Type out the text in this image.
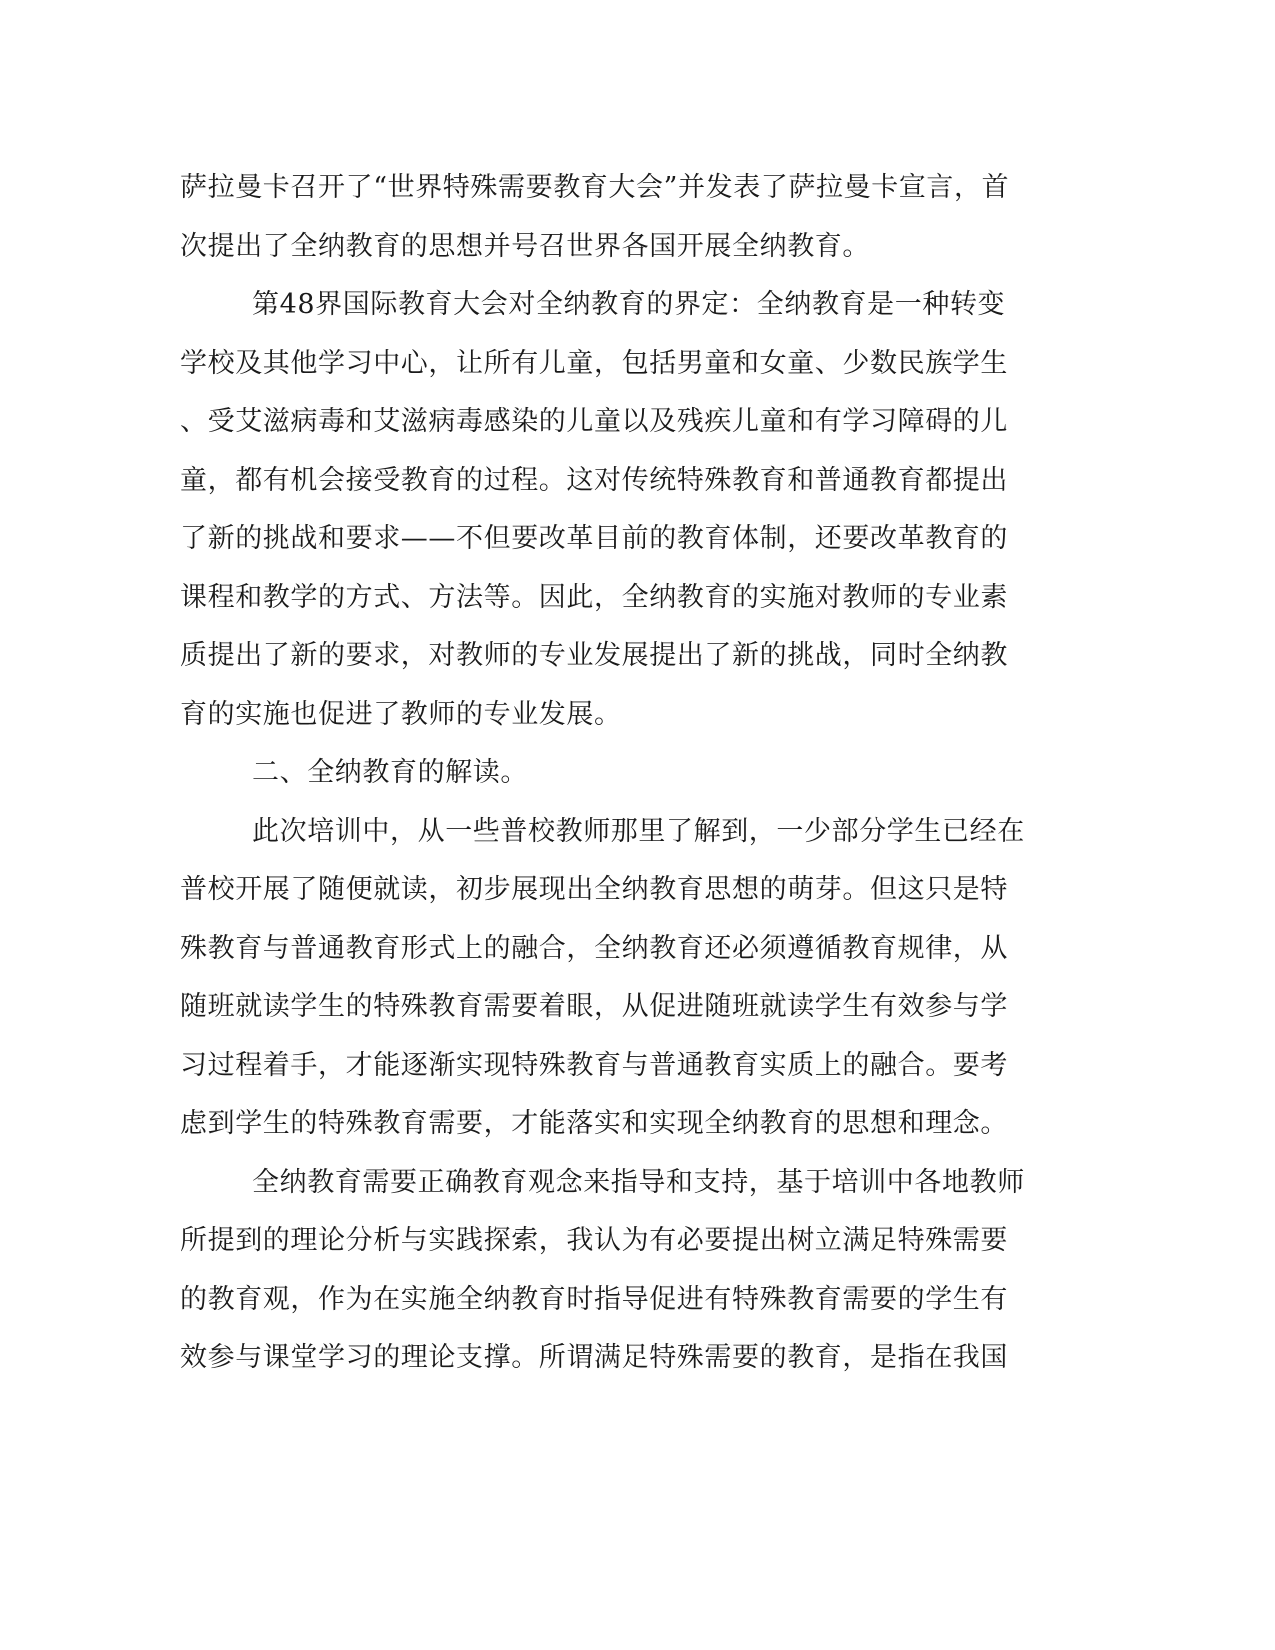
萨拉曼卡召开了“世界特殊需要教育大会”并发表了萨拉曼卡宣言，首
次提出了全纳教育的思想并号召世界各国开展全纳教育。
第48界国际教育大会对全纳教育的界定：全纳教育是一种转变
学校及其他学习中心，让所有儿童，包括男童和女童、少数民族学生
、受艾滋病毒和艾滋病毒感染的儿童以及残疾儿童和有学习障碍的儿
童，都有机会接受教育的过程。这对传统特殊教育和普通教育都提出
了新的挑战和要求——不但要改革目前的教育体制，还要改革教育的
课程和教学的方式、方法等。因此，全纳教育的实施对教师的专业素
质提出了新的要求，对教师的专业发展提出了新的挑战，同时全纳教
育的实施也促进了教师的专业发展。
二、全纳教育的解读。
此次培训中，从一些普校教师那里了解到，一少部分学生已经在
普校开展了随便就读，初步展现出全纳教育思想的萌芽。但这只是特
殊教育与普通教育形式上的融合，全纳教育还必须遵循教育规律，从
随班就读学生的特殊教育需要着眼，从促进随班就读学生有效参与学
习过程着手，才能逐渐实现特殊教育与普通教育实质上的融合。要考
虑到学生的特殊教育需要，才能落实和实现全纳教育的思想和理念。
全纳教育需要正确教育观念来指导和支持，基于培训中各地教师
所提到的理论分析与实践探索，我认为有必要提出树立满足特殊需要
的教育观，作为在实施全纳教育时指导促进有特殊教育需要的学生有
效参与课堂学习的理论支撑。所谓满足特殊需要的教育，是指在我国
